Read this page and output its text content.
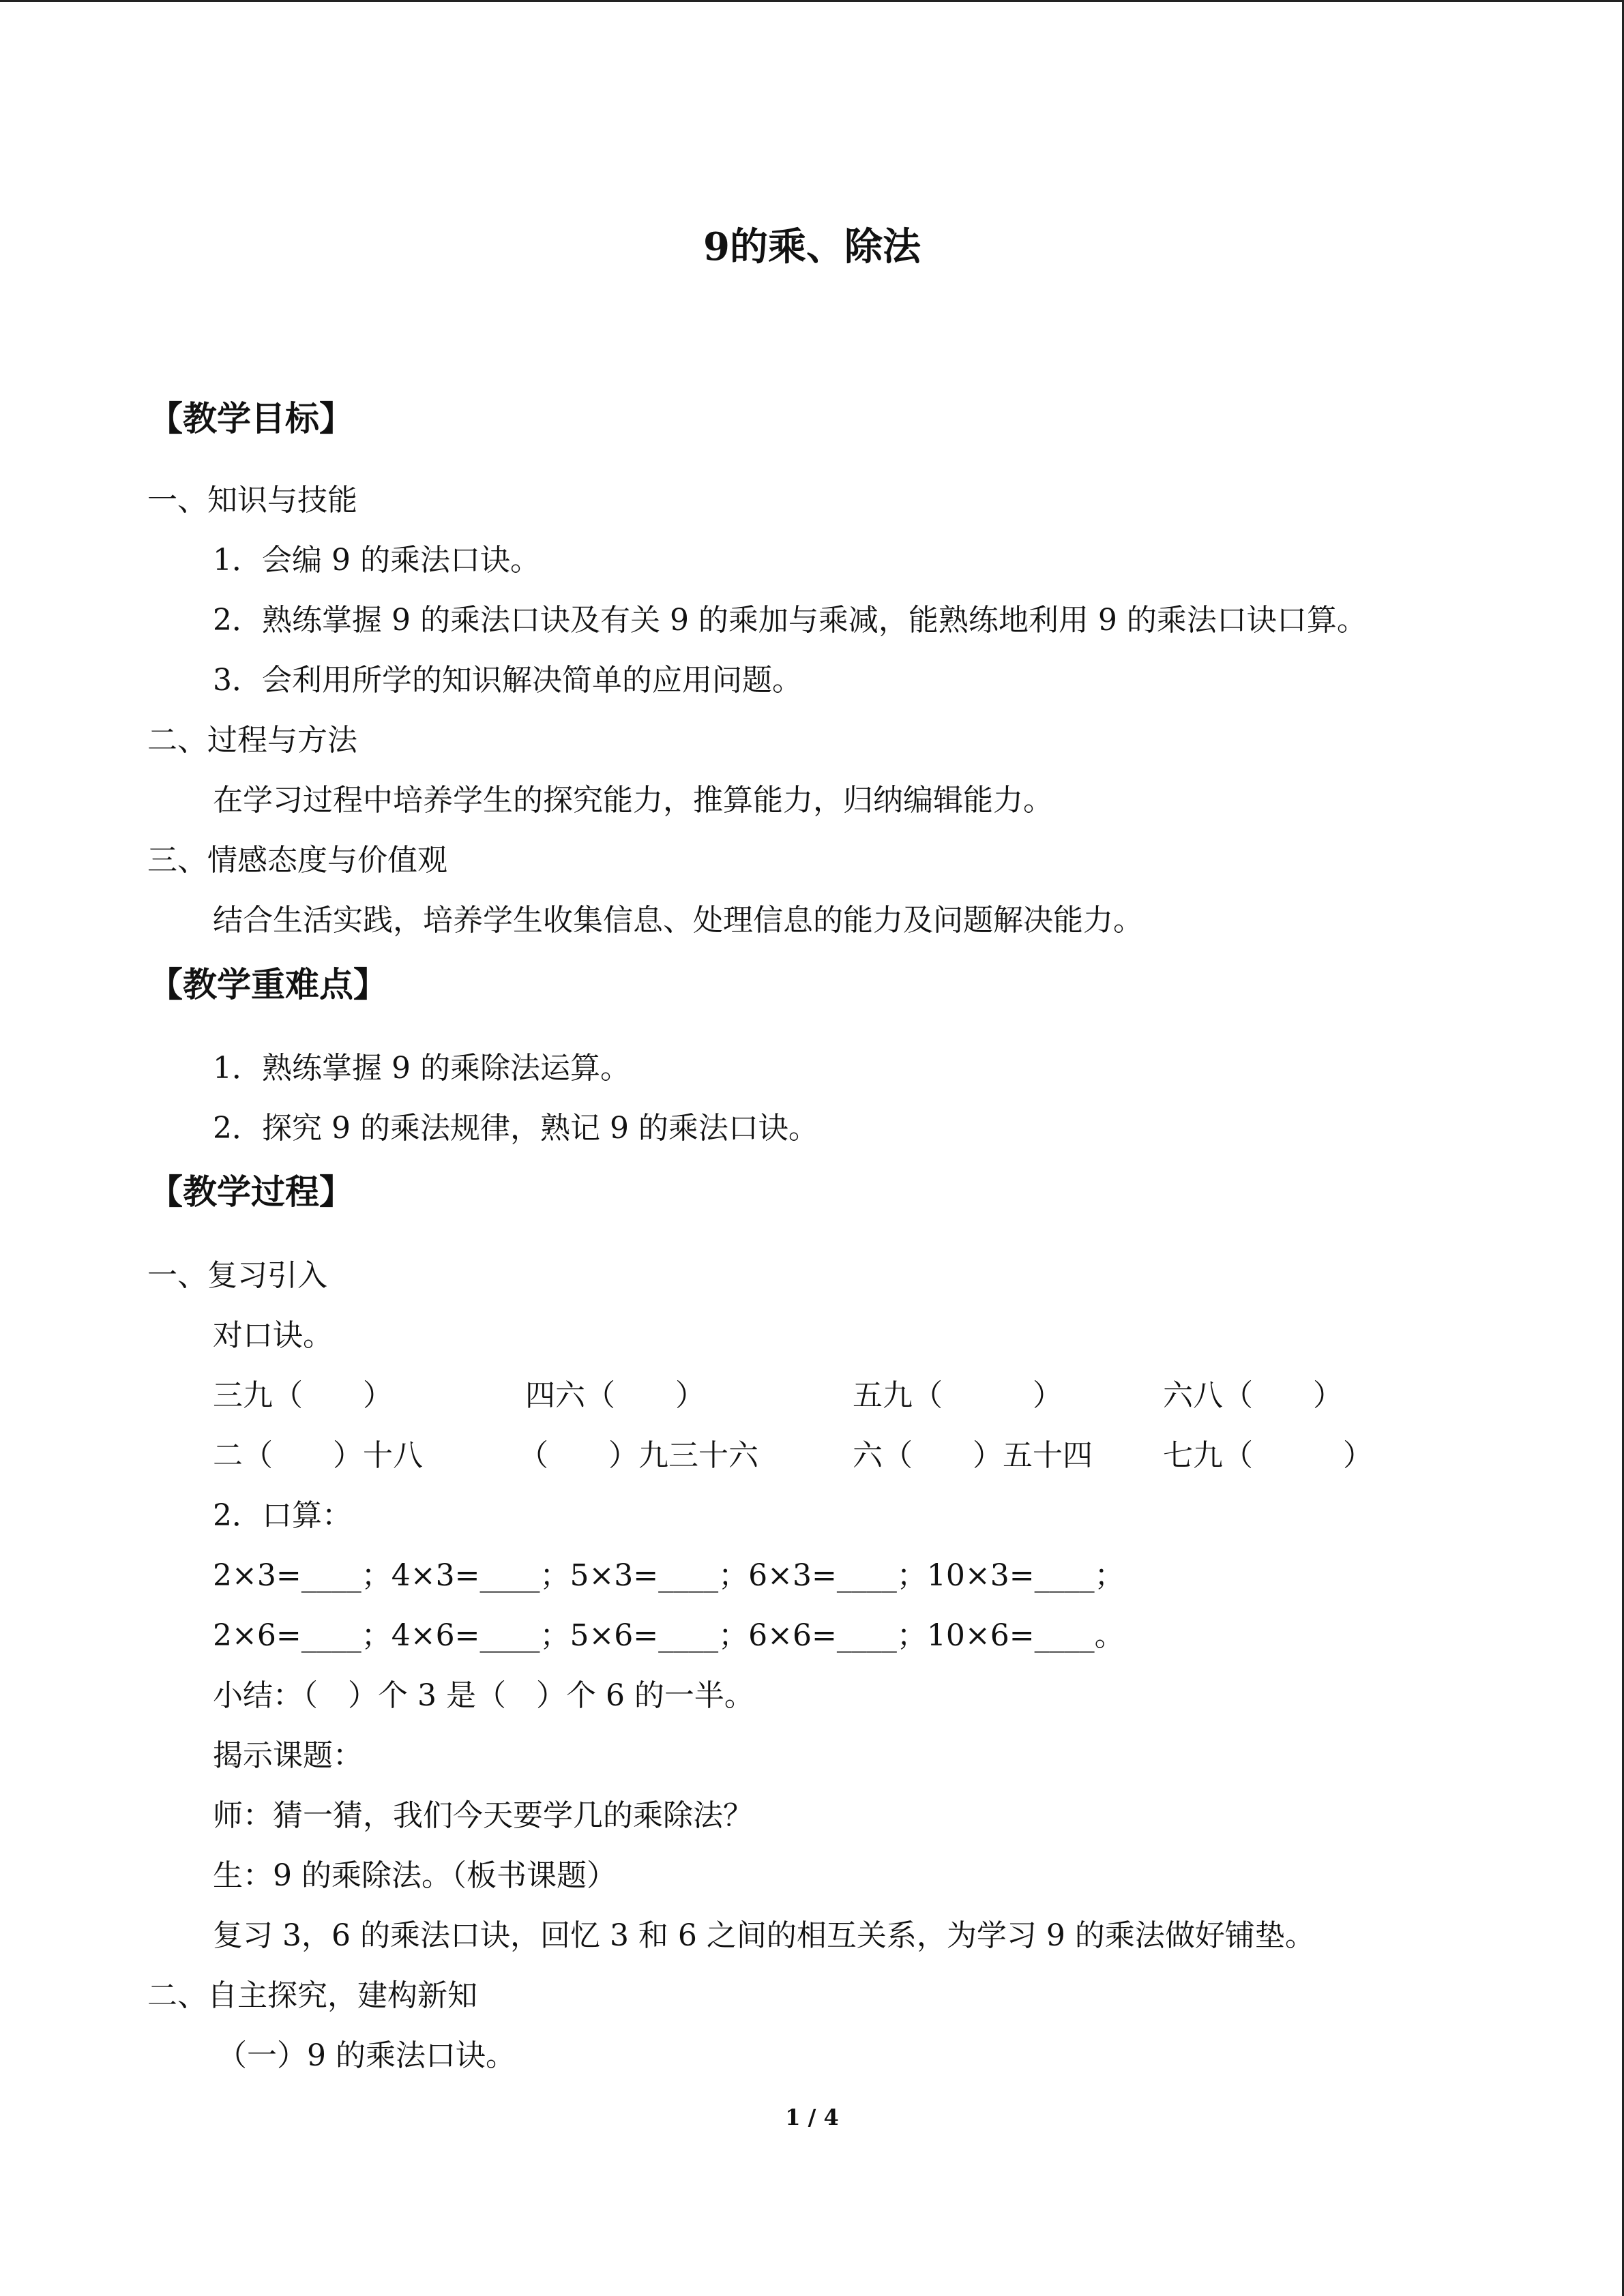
9的乘、除法
【教学目标】
一、知识与技能
1．会编 9 的乘法口诀。
2．熟练掌握 9 的乘法口诀及有关 9 的乘加与乘减，能熟练地利用 9 的乘法口诀口算。
3．会利用所学的知识解决简单的应用问题。
二、过程与方法
在学习过程中培养学生的探究能力，推算能力，归纳编辑能力。
三、情感态度与价值观
结合生活实践，培养学生收集信息、处理信息的能力及问题解决能力。
【教学重难点】
1．熟练掌握 9 的乘除法运算。
2．探究 9 的乘法规律，熟记 9 的乘法口诀。
【教学过程】
一、复习引入
对口诀。
三九（　　）	四六（　　）	五九（　　　）	六八（　　）
二（　　）十八	（　　）九三十六	六（　　）五十四 七九（　　　）
2．口算：
2×3=____；4×3=____；5×3=____；6×3=____；10×3=____；
2×6=____；4×6=____；5×6=____；6×6=____；10×6=____。
小结：（　）个 3 是（　）个 6 的一半。
揭示课题：
师：猜一猜，我们今天要学几的乘除法？
生：9 的乘除法。（板书课题）
复习 3，6 的乘法口诀，回忆 3 和 6 之间的相互关系，为学习 9 的乘法做好铺垫。
二、自主探究，建构新知
（一）9 的乘法口诀。
1 / 4
